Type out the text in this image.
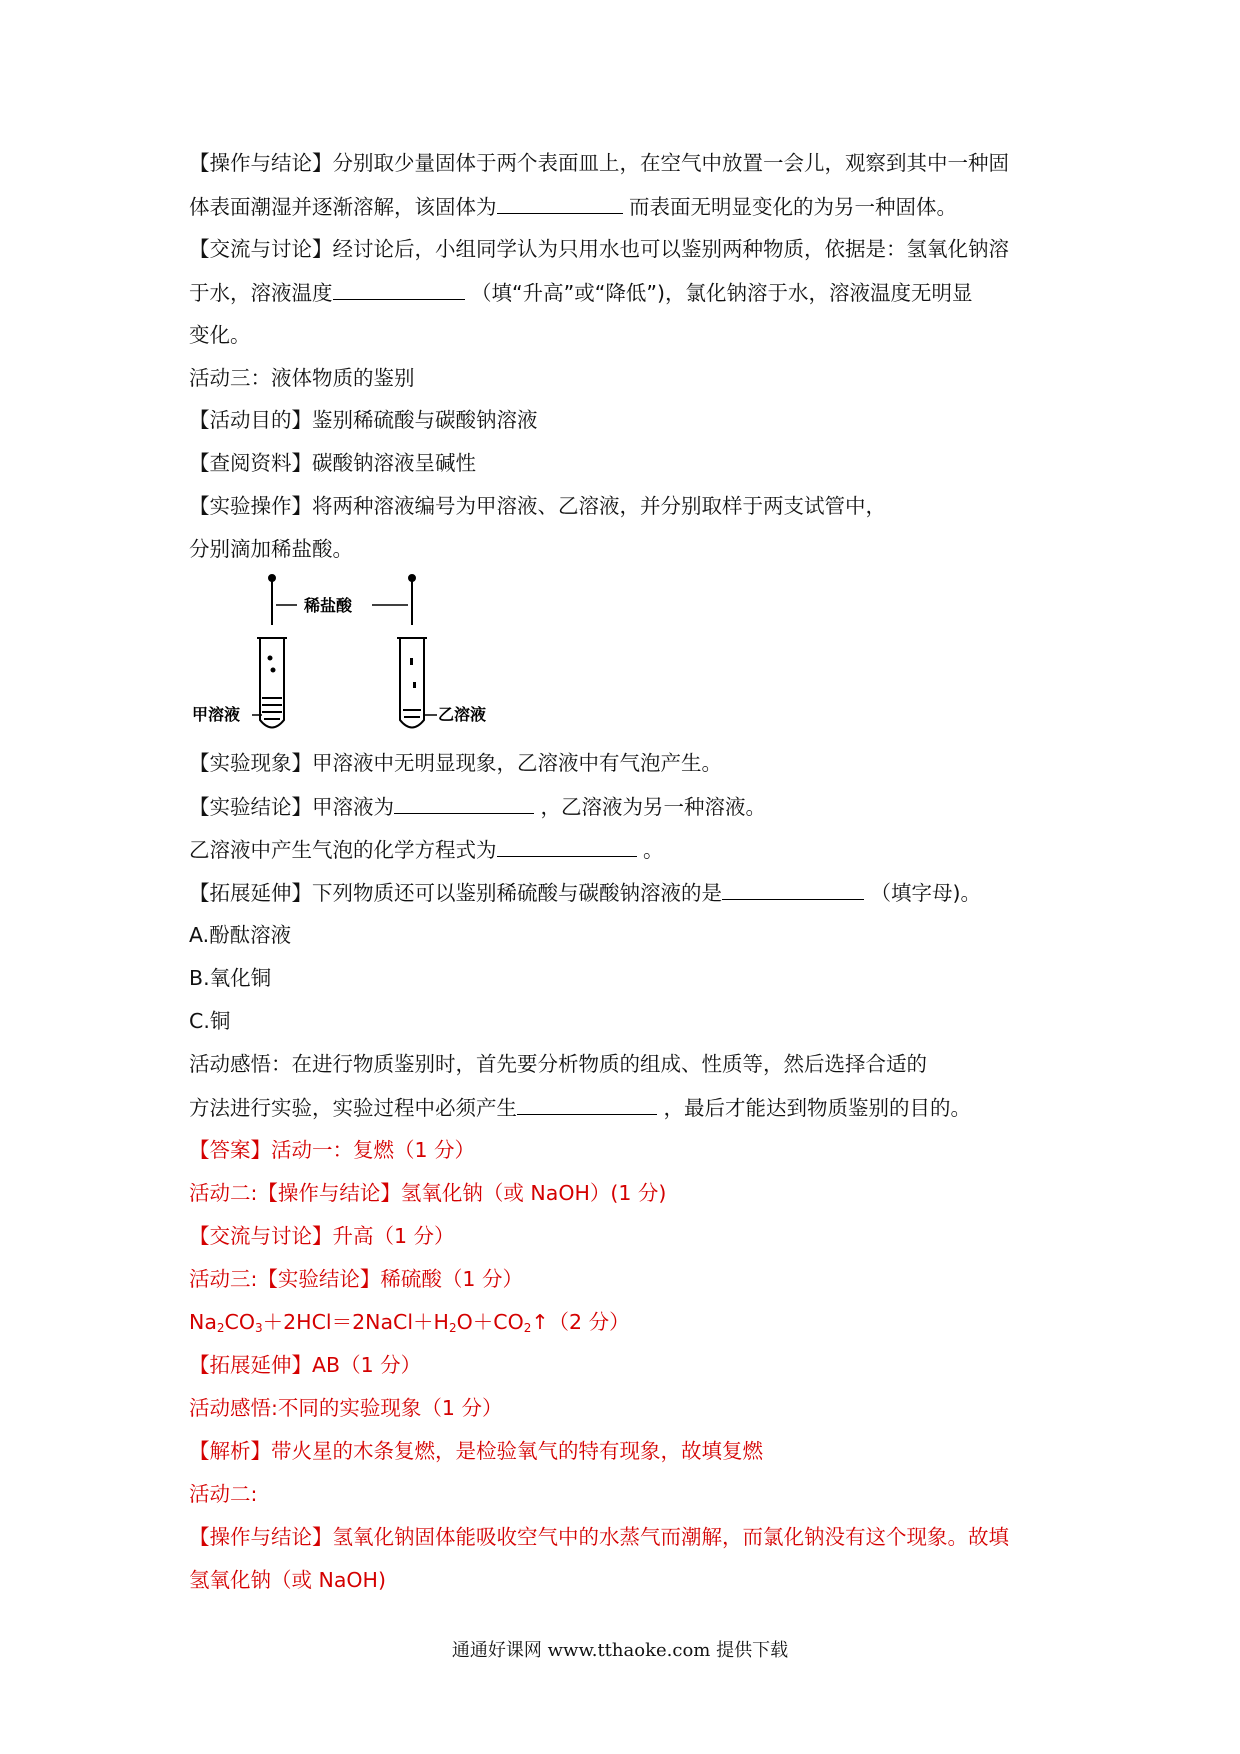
【操作与结论】分别取少量固体于两个表面皿上，在空气中放置一会儿，观察到其中一种固
体表面潮湿并逐渐溶解，该固体为	而表面无明显变化的为另一种固体。
【交流与讨论】经讨论后，小组同学认为只用水也可以鉴别两种物质，依据是：氢氧化钠溶
于水，溶液温度	（填“升高”或“降低”)，氯化钠溶于水，溶液温度无明显
变化。
活动三：液体物质的鉴别
【活动目的】鉴别稀硫酸与碳酸钠溶液
【查阅资料】碳酸钠溶液呈碱性
【实验操作】将两种溶液编号为甲溶液、乙溶液，并分别取样于两支试管中，
分别滴加稀盐酸。
稀盐酸
甲溶液	乙溶液
【实验现象】甲溶液中无明显现象，乙溶液中有气泡产生。
【实验结论】甲溶液为	，乙溶液为另一种溶液。
乙溶液中产生气泡的化学方程式为	。
【拓展延伸】下列物质还可以鉴别稀硫酸与碳酸钠溶液的是	（填字母)。
A.酚酞溶液
B.氧化铜
C.铜
活动感悟：在进行物质鉴别时，首先要分析物质的组成、性质等，然后选择合适的
方法进行实验，实验过程中必须产生	，最后才能达到物质鉴别的目的。
【答案】活动一：复燃（1 分）
活动二:【操作与结论】氢氧化钠（或 NaOH）(1 分)
【交流与讨论】升高（1 分）
活动三:【实验结论】稀硫酸（1 分）
$Na_2CO_3+2HCl=2NaCl+H_2O+CO_2↑(2$ 分）
【拓展延伸】AB（1 分）
活动感悟:不同的实验现象（1 分）
【解析】带火星的木条复燃，是检验氧气的特有现象，故填复燃
活动二:
【操作与结论】氢氧化钠固体能吸收空气中的水蒸气而潮解，而氯化钠没有这个现象。故填
氢氧化钠（或 NaOH)
通通好课网 www.tthaoke.com 提供下载
